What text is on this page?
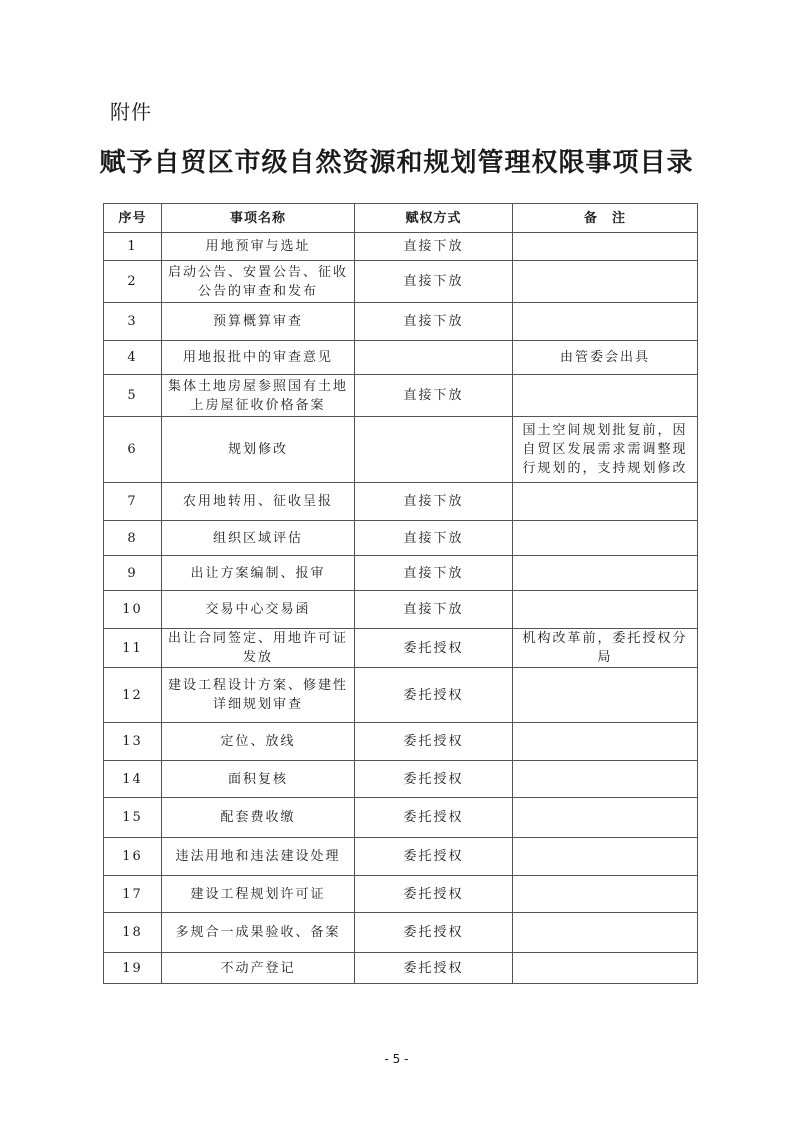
附件
赋予自贸区市级自然资源和规划管理权限事项目录
序号	事项名称	赋权方式	备　注
1	用地预审与选址	直接下放	
2	启动公告、安置公告、征收公告的审查和发布	直接下放	
3	预算概算审查	直接下放	
4	用地报批中的审查意见		由管委会出具
5	集体土地房屋参照国有土地上房屋征收价格备案	直接下放	
6	规划修改		国土空间规划批复前，因自贸区发展需求需调整现行规划的，支持规划修改
7	农用地转用、征收呈报	直接下放	
8	组织区域评估	直接下放	
9	出让方案编制、报审	直接下放	
10	交易中心交易函	直接下放	
11	出让合同签定、用地许可证发放	委托授权	机构改革前，委托授权分局
12	建设工程设计方案、修建性详细规划审查	委托授权	
13	定位、放线	委托授权	
14	面积复核	委托授权	
15	配套费收缴	委托授权	
16	违法用地和违法建设处理	委托授权	
17	建设工程规划许可证	委托授权	
18	多规合一成果验收、备案	委托授权	
19	不动产登记	委托授权	
- 5 -
